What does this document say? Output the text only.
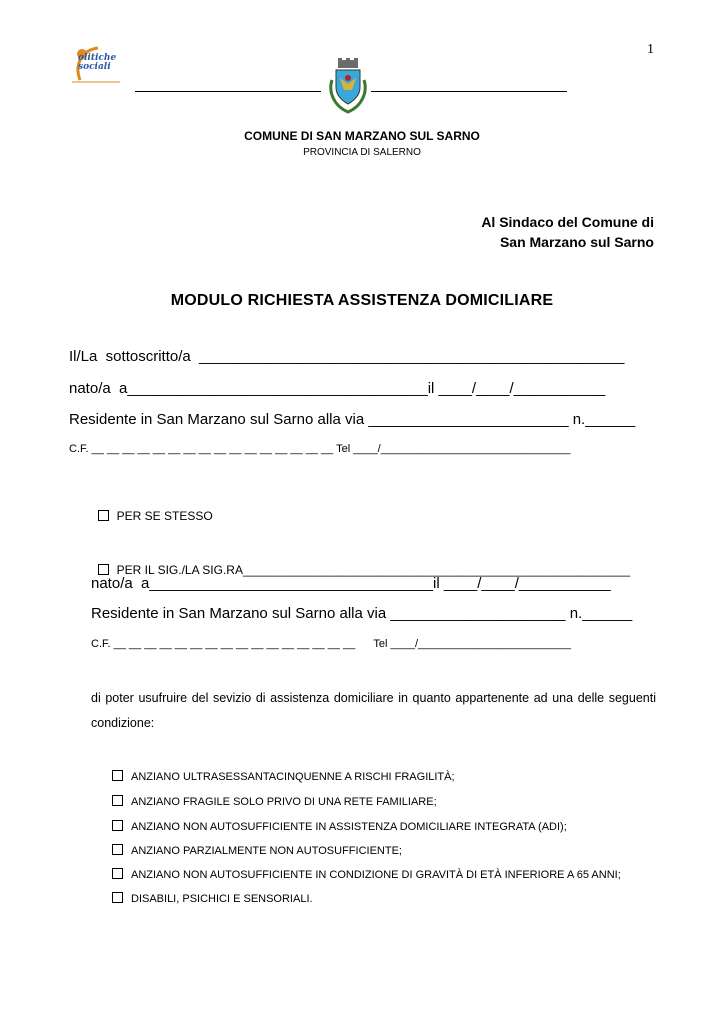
1
olitiche
sociali
COMUNE DI SAN MARZANO SUL SARNO
PROVINCIA DI SALERNO
Al Sindaco del Comune di
San Marzano sul Sarno
MODULO RICHIESTA ASSISTENZA DOMICILIARE
Il/La  sottoscritto/a  ___________________________________________________
nato/a  a____________________________________il ____/____/___________
Residente in San Marzano sul Sarno alla via ________________________ n.______
C.F. __ __ __ __ __ __ __ __ __ __ __ __ __ __ __ __ Tel ____/_______________________________

PER SE STESSO

PER IL SIG./LA SIG.RA__________________________________________________________

nato/a  a__________________________________il ____/____/___________
Residente in San Marzano sul Sarno alla via _____________________ n.______
C.F. __ __ __ __ __ __ __ __ __ __ __ __ __ __ __ __      Tel ____/_________________________
di poter usufruire del sevizio di assistenza domiciliare in quanto appartenente ad una delle seguenti condizione:
ANZIANO ULTRASESSANTACINQUENNE A RISCHI FRAGILITÀ;
ANZIANO FRAGILE SOLO PRIVO DI UNA RETE FAMILIARE;
ANZIANO NON AUTOSUFFICIENTE IN ASSISTENZA DOMICILIARE INTEGRATA (ADI);
ANZIANO PARZIALMENTE NON AUTOSUFFICIENTE;
ANZIANO NON AUTOSUFFICIENTE IN CONDIZIONE DI GRAVITÀ DI ETÀ INFERIORE A 65 ANNI;
DISABILI, PSICHICI E SENSORIALI.
